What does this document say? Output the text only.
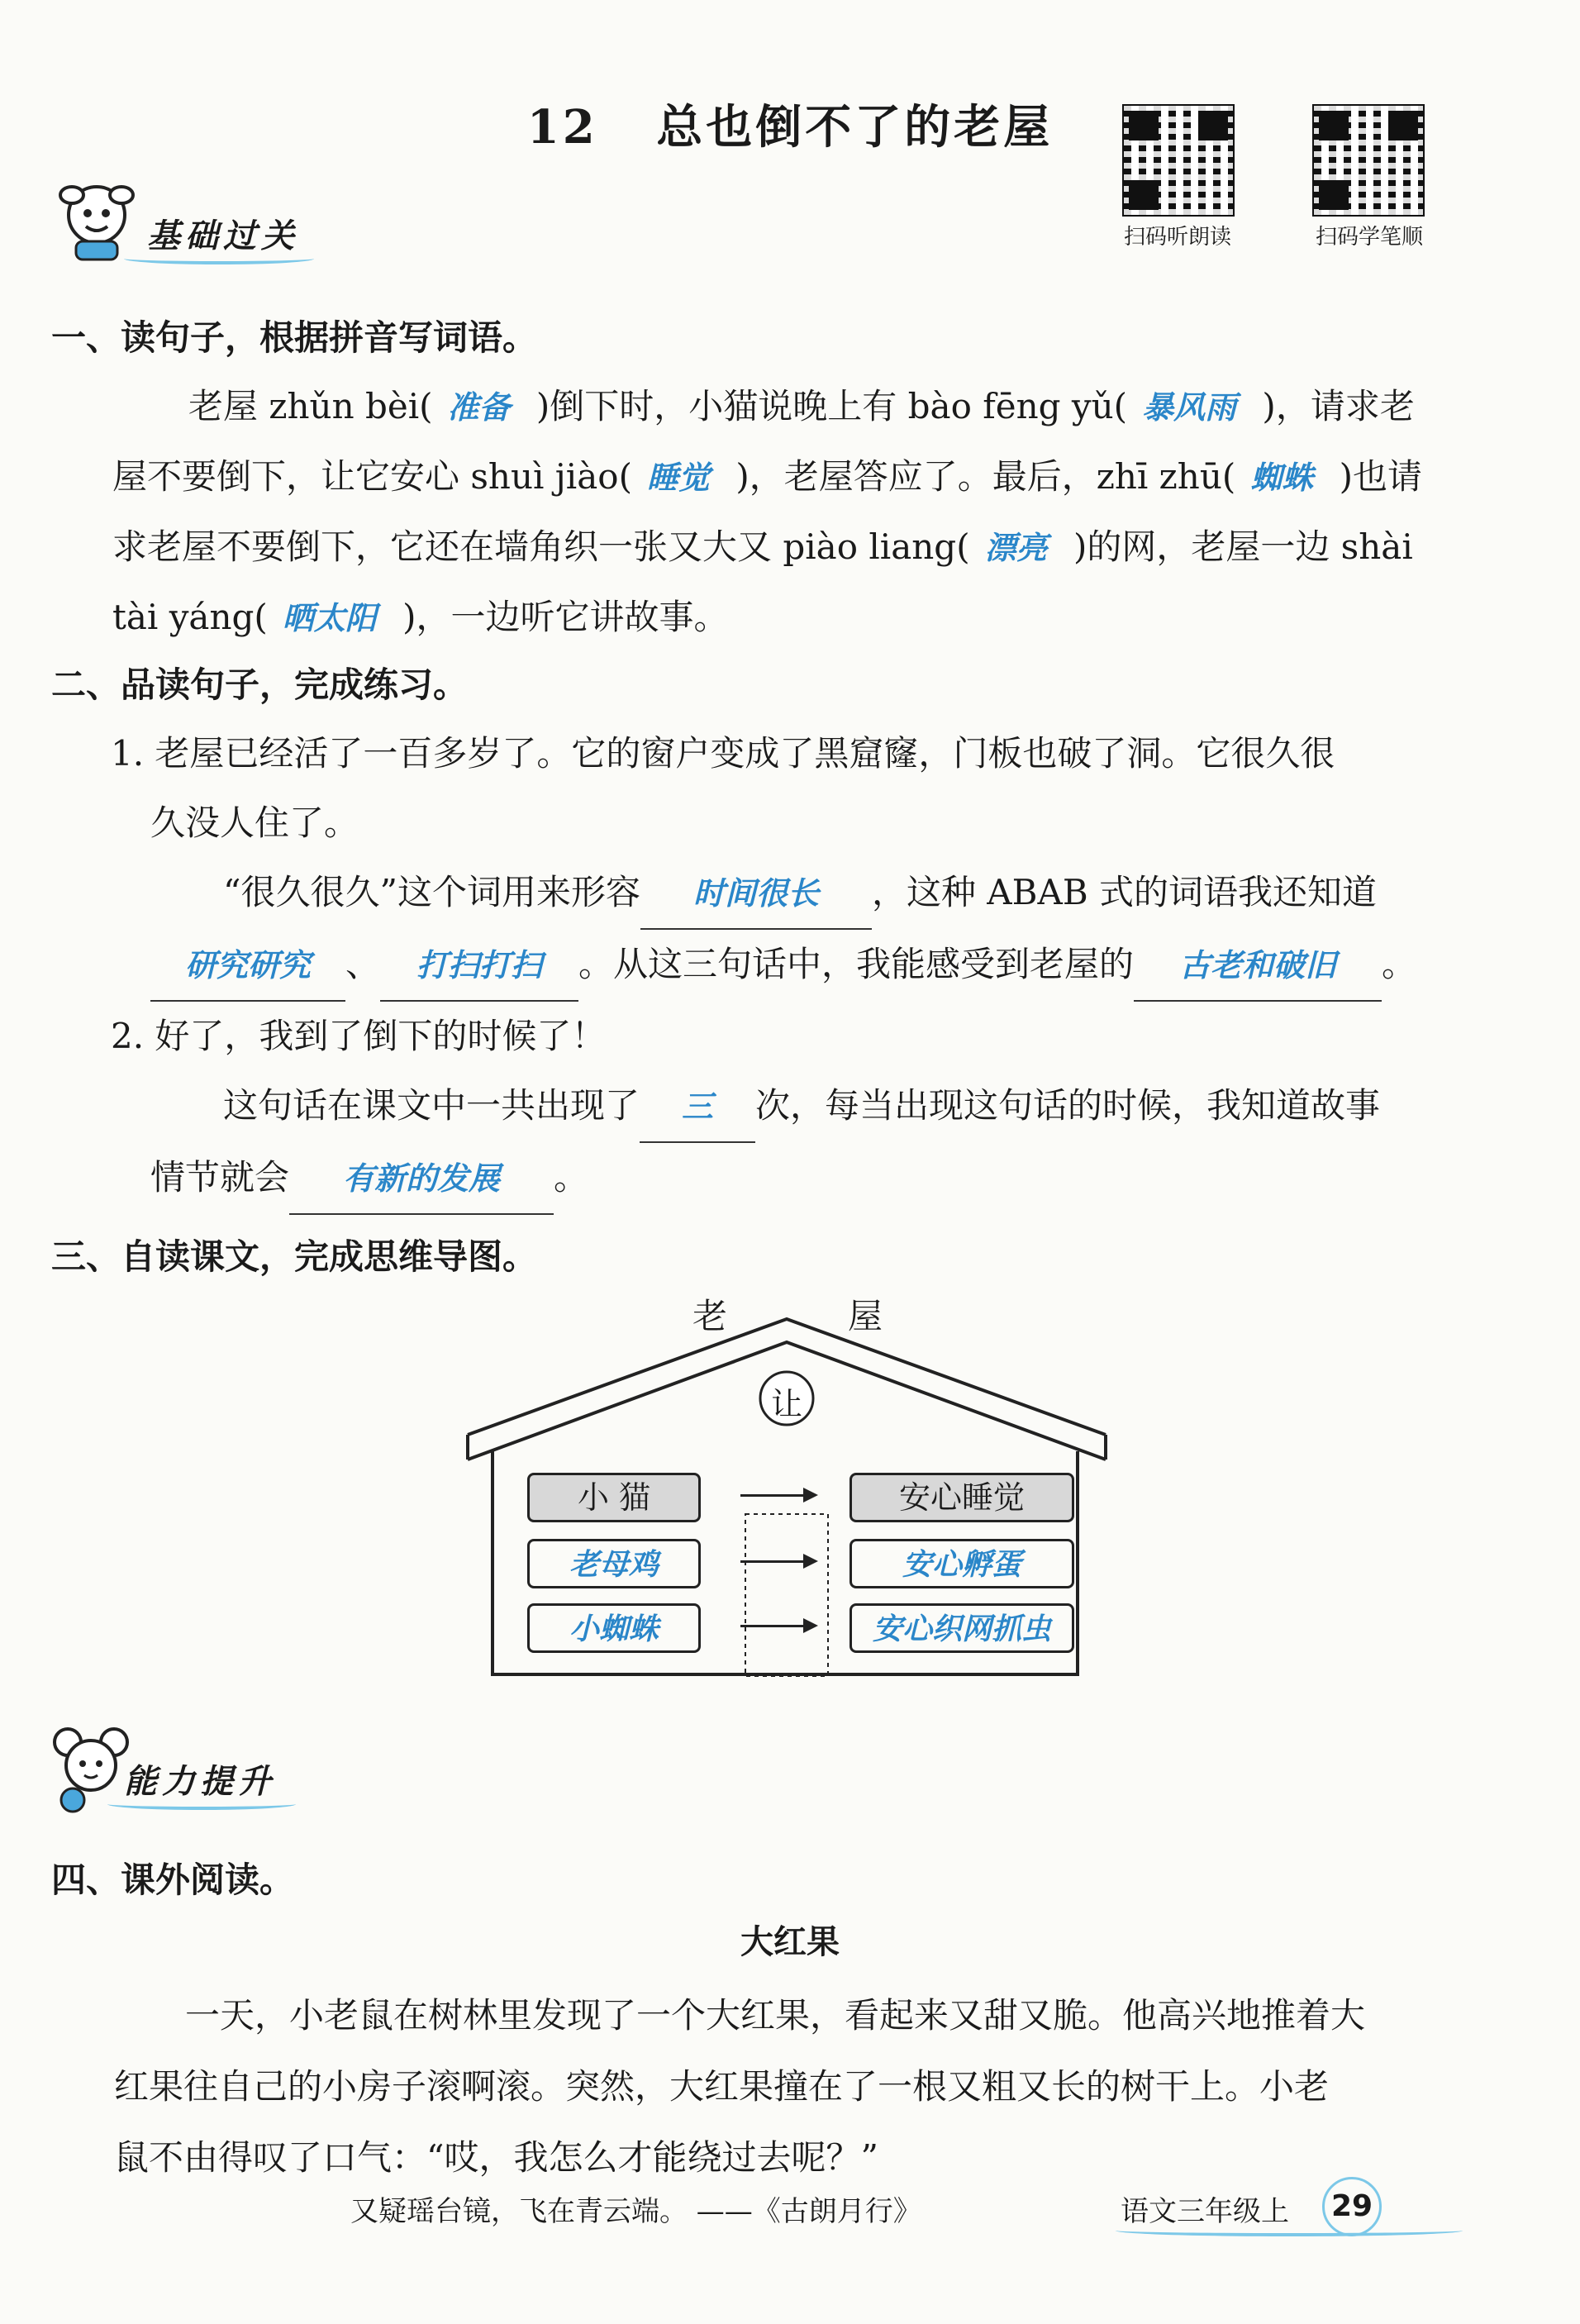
12 总也倒不了的老屋
扫码听朗读	扫码学笔顺
基础过关
一、读句子，根据拼音写词语。
老屋 zhǔn bèi( 准备 )倒下时，小猫说晚上有 bào fēng yǔ( 暴风雨 )，请求老
屋不要倒下，让它安心 shuì jiào( 睡觉 )，老屋答应了。最后，zhī zhū( 蜘蛛 )也请
求老屋不要倒下，它还在墙角织一张又大又 piào liang( 漂亮 )的网，老屋一边 shài
tài yáng( 晒太阳 )，一边听它讲故事。
二、品读句子，完成练习。
1. 老屋已经活了一百多岁了。它的窗户变成了黑窟窿，门板也破了洞。它很久很
久没人住了。
“很久很久”这个词用来形容 时间很长 ，这种 ABAB 式的词语我还知道
研究研究 、 打扫打扫 。从这三句话中，我能感受到老屋的 古老和破旧 。
2. 好了，我到了倒下的时候了！
这句话在课文中一共出现了 三 次，每当出现这句话的时候，我知道故事
情节就会 有新的发展 。
三、自读课文，完成思维导图。
老	屋
让
小 猫
老母鸡
小蜘蛛
安心睡觉
安心孵蛋
安心织网抓虫
能力提升
四、课外阅读。
大红果
一天，小老鼠在树林里发现了一个大红果，看起来又甜又脆。他高兴地推着大
红果往自己的小房子滚啊滚。突然，大红果撞在了一根又粗又长的树干上。小老
鼠不由得叹了口气：“哎，我怎么才能绕过去呢？”
又疑瑶台镜，飞在青云端。 ——《古朗月行》	语文三年级上	29
